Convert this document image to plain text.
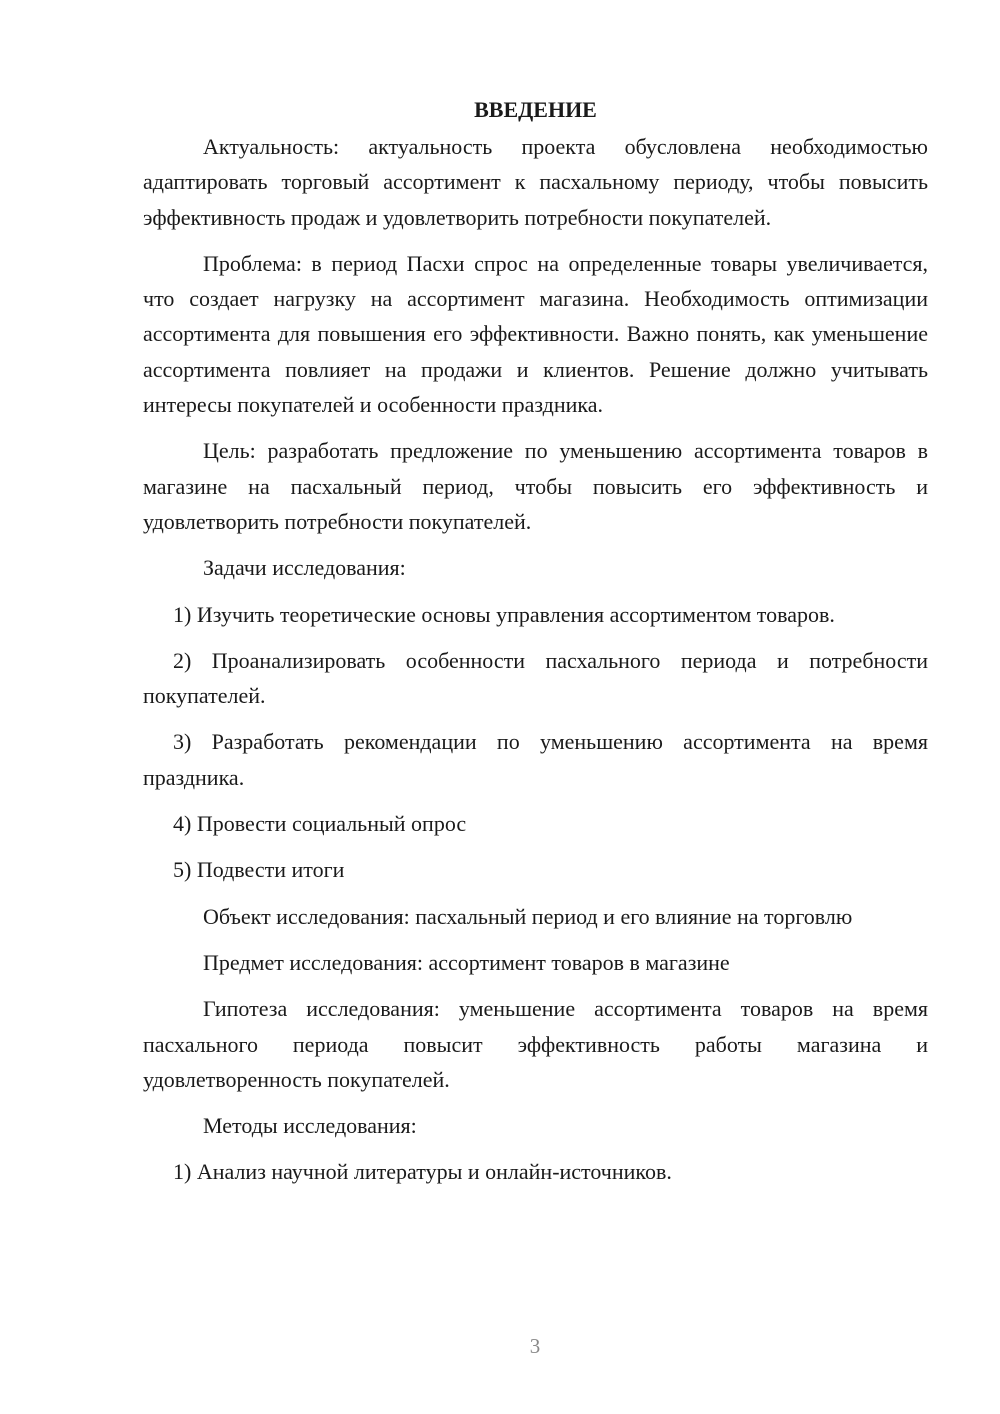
ВВЕДЕНИЕ

Актуальность: актуальность проекта обусловлена необходимостью адаптировать торговый ассортимент к пасхальному периоду, чтобы повысить эффективность продаж и удовлетворить потребности покупателей.

Проблема: в период Пасхи спрос на определенные товары увеличивается, что создает нагрузку на ассортимент магазина. Необходимость оптимизации ассортимента для повышения его эффективности. Важно понять, как уменьшение ассортимента повлияет на продажи и клиентов. Решение должно учитывать интересы покупателей и особенности праздника.

Цель: разработать предложение по уменьшению ассортимента товаров в магазине на пасхальный период, чтобы повысить его эффективность и удовлетворить потребности покупателей.

Задачи исследования:

1) Изучить теоретические основы управления ассортиментом товаров.

2) Проанализировать особенности пасхального периода и потребности покупателей.

3) Разработать рекомендации по уменьшению ассортимента на время праздника.

4) Провести социальный опрос

5) Подвести итоги

Объект исследования: пасхальный период и его влияние на торговлю

Предмет исследования: ассортимент товаров в магазине

Гипотеза исследования: уменьшение ассортимента товаров на время пасхального периода повысит эффективность работы магазина и удовлетворенность покупателей.

Методы исследования:

1) Анализ научной литературы и онлайн-источников.

3
